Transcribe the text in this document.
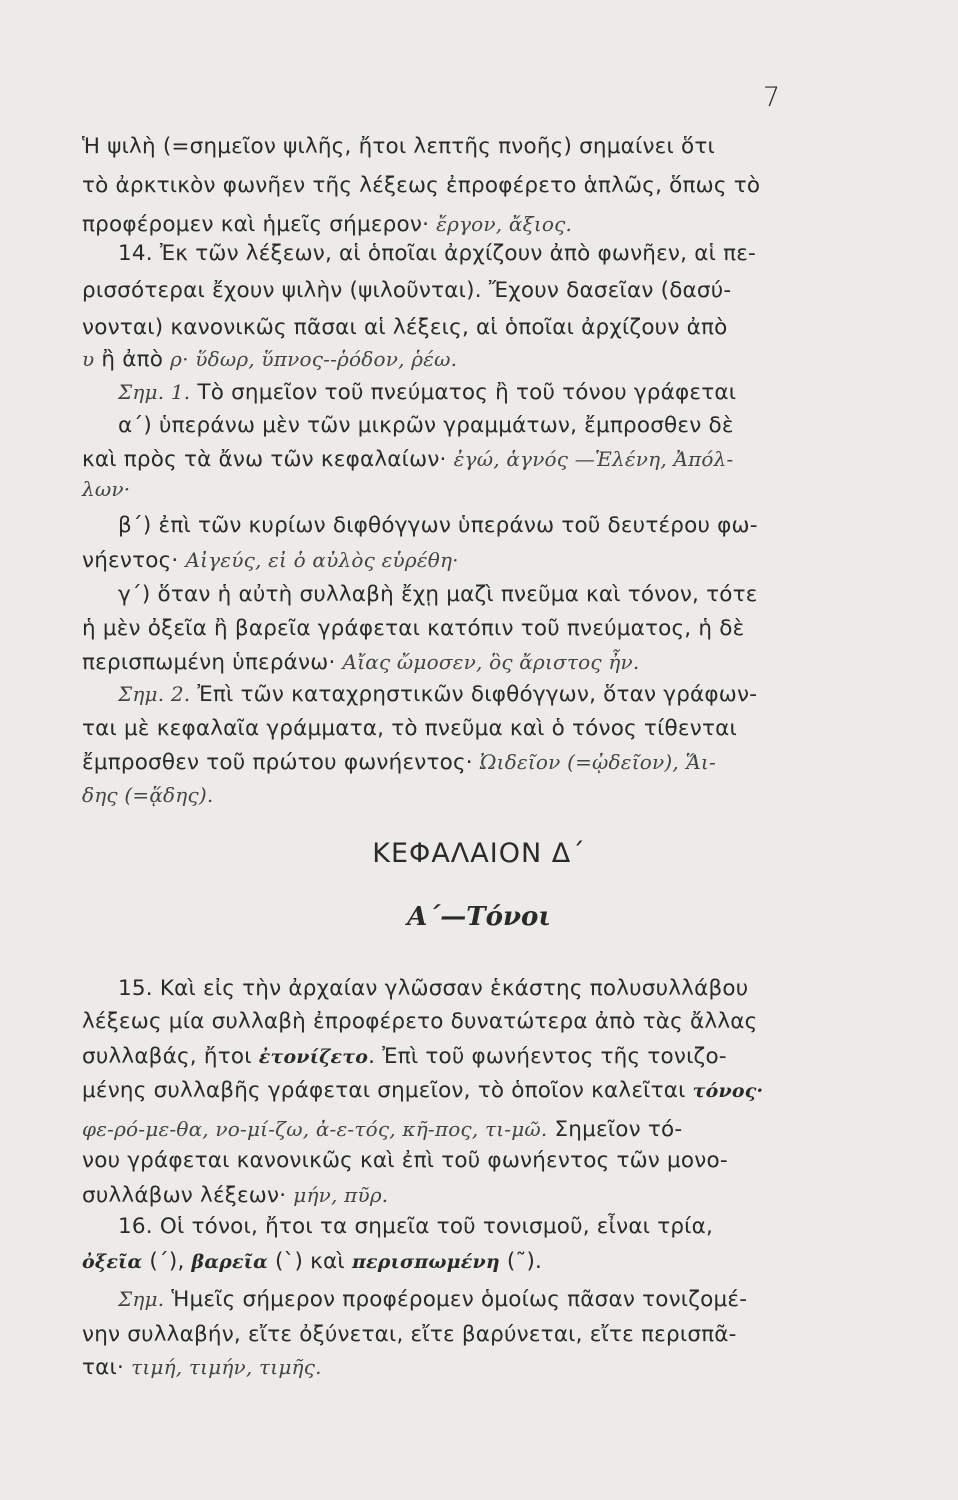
7
Ἡ ψιλὴ (=σημεῖον ψιλῆς, ἤτοι λεπτῆς πνοῆς) σημαίνει ὅτι
τὸ ἀρκτικὸν φωνῆεν τῆς λέξεως ἐπροφέρετο ἁπλῶς, ὅπως τὸ
προφέρομεν καὶ ἡμεῖς σήμερον· ἔργον, ἄξιος.
14. Ἐκ τῶν λέξεων, αἱ ὁποῖαι ἀρχίζουν ἀπὸ φωνῆεν, αἱ πε-
ρισσότεραι ἔχουν ψιλὴν (ψιλοῦνται). Ἔχουν δασεῖαν (δασύ-
νονται) κανονικῶς πᾶσαι αἱ λέξεις, αἱ ὁποῖαι ἀρχίζουν ἀπὸ
υ ἢ ἀπὸ ρ· ὕδωρ, ὕπνος--ῥόδον, ῥέω.
Σημ. 1. Τὸ σημεῖον τοῦ πνεύματος ἢ τοῦ τόνου γράφεται
α΄) ὑπεράνω μὲν τῶν μικρῶν γραμμάτων, ἔμπροσθεν δὲ
καὶ πρὸς τὰ ἄνω τῶν κεφαλαίων· ἐγώ, ἁγνός —Ἑλένη, Ἀπόλ-
λων·
β΄) ἐπὶ τῶν κυρίων διφθόγγων ὑπεράνω τοῦ δευτέρου φω-
νήεντος· Αἰγεύς, εἰ ὁ αὐλὸς εὑρέθη·
γ΄) ὅταν ἡ αὐτὴ συλλαβὴ ἔχῃ μαζὶ πνεῦμα καὶ τόνον, τότε
ἡ μὲν ὀξεῖα ἢ βαρεῖα γράφεται κατόπιν τοῦ πνεύματος, ἡ δὲ
περισπωμένη ὑπεράνω· Αἴας ὤμοσεν, ὃς ἄριστος ἦν.
Σημ. 2. Ἐπὶ τῶν καταχρηστικῶν διφθόγγων, ὅταν γράφων-
ται μὲ κεφαλαῖα γράμματα, τὸ πνεῦμα καὶ ὁ τόνος τίθενται
ἔμπροσθεν τοῦ πρώτου φωνήεντος· Ὠιδεῖον (=ᾠδεῖον), Ἅι-
δης (=ᾅδης).
ΚΕΦΑΛΑΙΟΝ Δ΄
Α΄—Τόνοι
15. Καὶ εἰς τὴν ἀρχαίαν γλῶσσαν ἑκάστης πολυσυλλάβου
λέξεως μία συλλαβὴ ἐπροφέρετο δυνατώτερα ἀπὸ τὰς ἄλλας
συλλαβάς, ἤτοι ἐτονίζετο. Ἐπὶ τοῦ φωνήεντος τῆς τονιζο-
μένης συλλαβῆς γράφεται σημεῖον, τὸ ὁποῖον καλεῖται τόνος·
φε-ρό-με-θα, νο-μί-ζω, ἀ-ε-τός, κῆ-πος, τι-μῶ. Σημεῖον τό-
νου γράφεται κανονικῶς καὶ ἐπὶ τοῦ φωνήεντος τῶν μονο-
συλλάβων λέξεων· μήν, πῦρ.
16. Οἱ τόνοι, ἤτοι τα σημεῖα τοῦ τονισμοῦ, εἶναι τρία,
ὀξεῖα (΄), βαρεῖα (`) καὶ περισπωμένη (῀).
Σημ. Ἡμεῖς σήμερον προφέρομεν ὁμοίως πᾶσαν τονιζομέ-
νην συλλαβήν, εἴτε ὀξύνεται, εἴτε βαρύνεται, εἴτε περισπᾶ-
ται· τιμή, τιμήν, τιμῆς.
